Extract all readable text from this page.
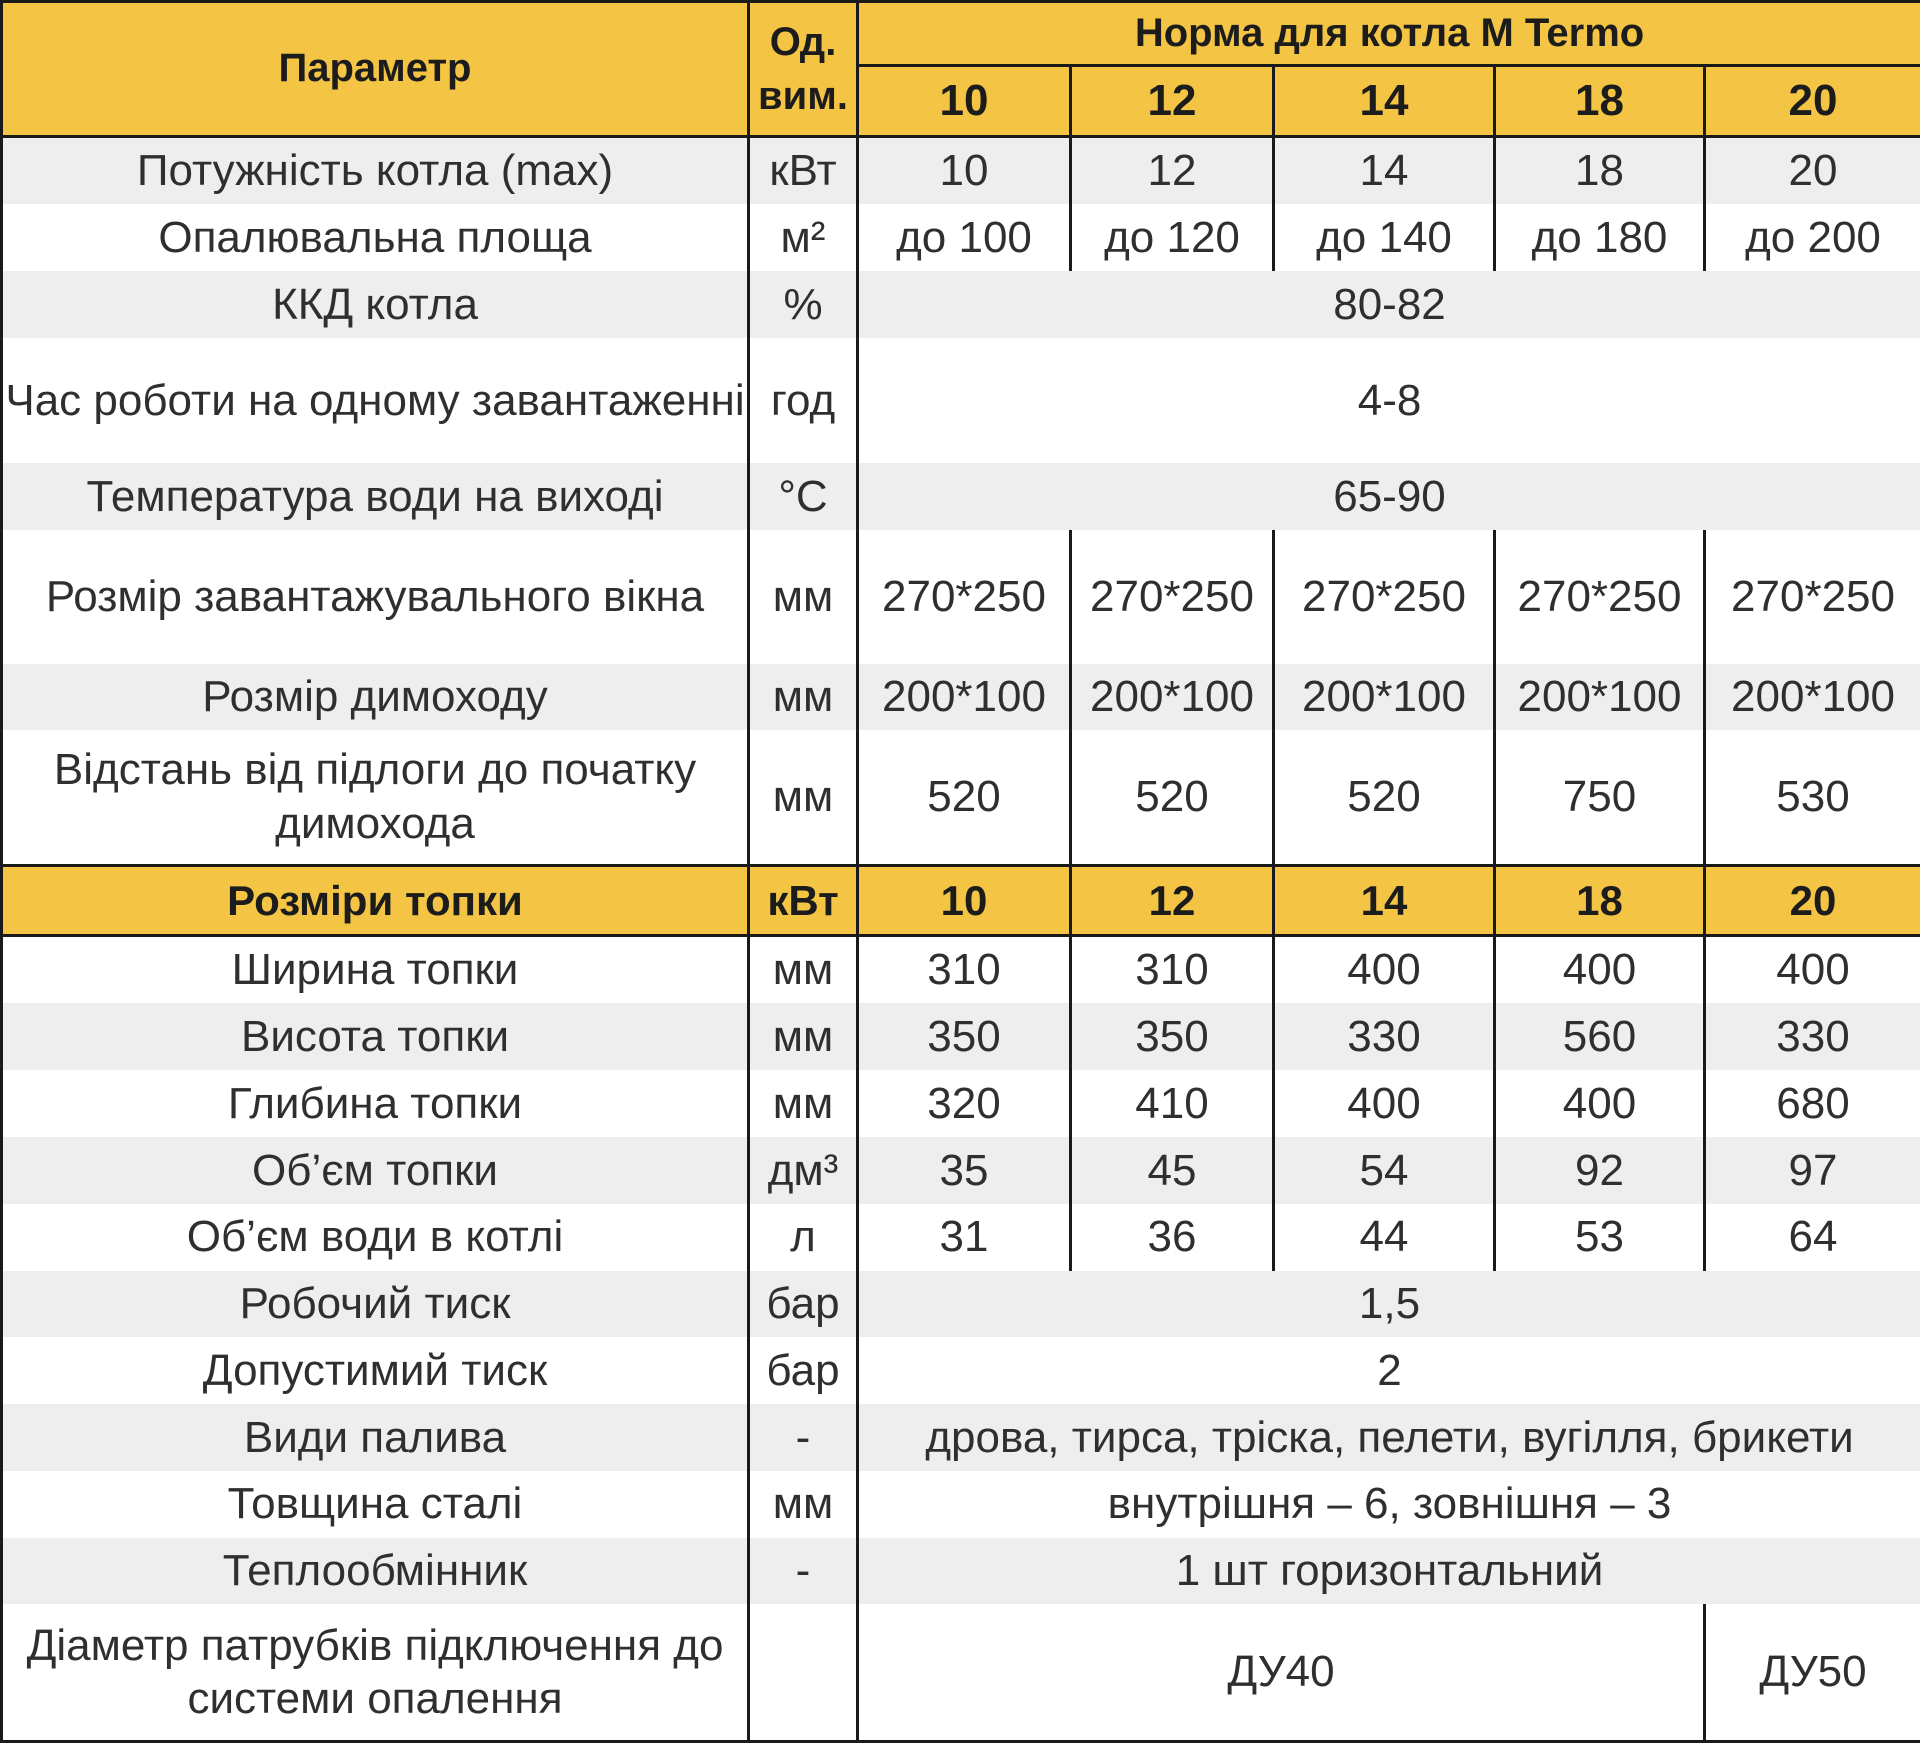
Параметр	Од. вим.	Норма для котла M Termo				
		10	12	14	18	20
Потужність котла (max)	кВт	10	12	14	18	20
Опалювальна площа	м²	до 100	до 120	до 140	до 180	до 200
ККД котла	%	80-82				
Час роботи на одному завантаженні	год	4-8				
Температура води на виході	°С	65-90				
Розмір завантажувального вікна	мм	270*250	270*250	270*250	270*250	270*250
Розмір димоходу	мм	200*100	200*100	200*100	200*100	200*100
Відстань від підлоги до початку димохода	мм	520	520	520	750	530
Розміри топки	кВт	10	12	14	18	20
Ширина топки	мм	310	310	400	400	400
Висота топки	мм	350	350	330	560	330
Глибина топки	мм	320	410	400	400	680
Об’єм топки	дм³	35	45	54	92	97
Об’єм води в котлі	л	31	36	44	53	64
Робочий тиск	бар	1,5				
Допустимий тиск	бар	2				
Види палива	-	дрова, тирса, тріска, пелети, вугілля, брикети				
Товщина сталі	мм	внутрішня – 6, зовнішня – 3				
Теплообмінник	-	1 шт горизонтальний				
Діаметр патрубків підключення до системи опалення		ДУ40				ДУ50
